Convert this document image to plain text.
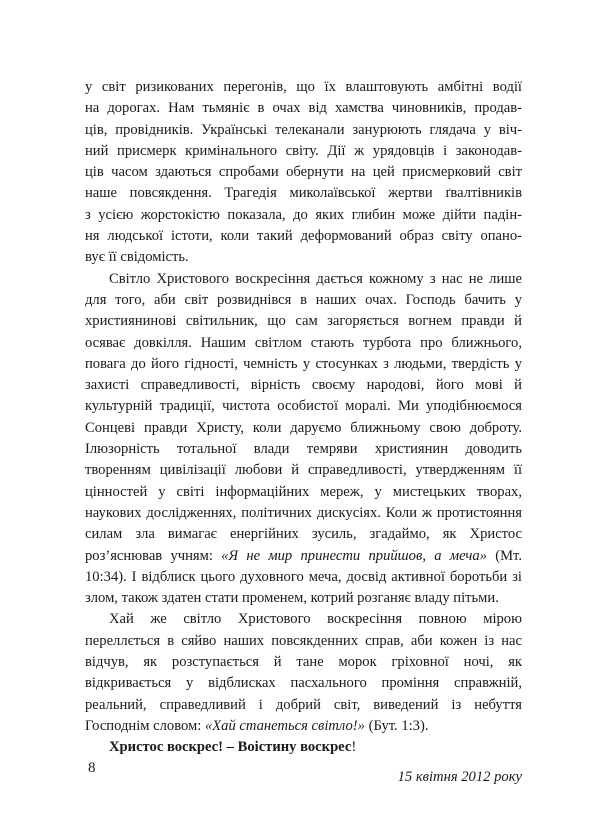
у світ ризикованих перегонів, що їх влаштовують амбітні водії
на дорогах. Нам тьмяніє в очах від хамства чиновників, продав-
ців, провідників. Українські телеканали занурюють глядача у віч-
ний присмерк кримінального світу. Дії ж урядовців і законодав-
ців часом здаються спробами обернути на цей присмерковий світ
наше повсякдення. Трагедія миколаївської жертви ґвалтівників
з усією жорстокістю показала, до яких глибин може дійти падін-
ня людської істоти, коли такий деформований образ світу опано-
вує її свідомість.

Світло Христового воскресіння дається кожному з нас не лише для того, аби світ розвиднівся в наших очах. Господь бачить у християнинові світильник, що сам загоряється вогнем правди й осяває довкілля. Нашим світлом стають турбота про ближнього, повага до його гідності, чемність у стосунках з людьми, твердість у захисті справедливості, вірність своєму народові, його мові й культурній традиції, чистота особистої моралі. Ми уподібнюємося Сонцеві правди Христу, коли даруємо ближньому свою доброту. Ілюзорність тотальної влади темряви християнин доводить творенням цивілізації любови й справедливості, утвердженням її цінностей у світі інформаційних мереж, у мистецьких творах, наукових дослідженнях, політичних дискусіях. Коли ж протистояння силам зла вимагає енергійних зусиль, згадаймо, як Христос роз’яснював учням: «Я не мир принести прийшов, а меча» (Мт. 10:34). І відблиск цього духовного меча, досвід активної боротьби зі злом, також здатен стати променем, котрий розганяє владу пітьми.

Хай же світло Христового воскресіння повною мірою переллється в сяйво наших повсякденних справ, аби кожен із нас відчув, як розступається й тане морок гріховної ночі, як відкривається у відблисках пасхального проміння справжній, реальний, справедливий і добрий світ, виведений із небуття Господнім словом: «Хай станеться світло!» (Бут. 1:3).

Христос воскрес! – Воістину воскрес!

15 квітня 2012 року

8
